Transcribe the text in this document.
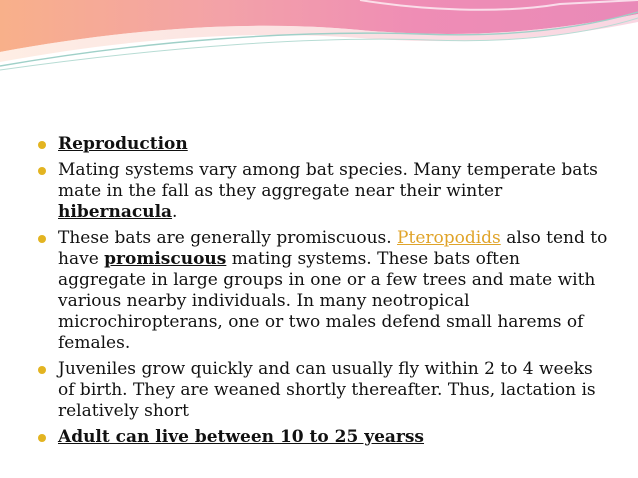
Reproduction
Mating systems vary among bat species. Many temperate bats mate in the fall as they aggregate near their winter hibernacula.
These bats are generally promiscuous. Pteropodids also tend to have promiscuous mating systems. These bats often aggregate in large groups in one or a few trees and mate with various nearby individuals. In many neotropical microchiropterans, one or two males defend small harems of females.
Juveniles grow quickly and can usually fly within 2 to 4 weeks of birth. They are weaned shortly thereafter. Thus, lactation is relatively short
Adult can live between 10 to 25 yearss
